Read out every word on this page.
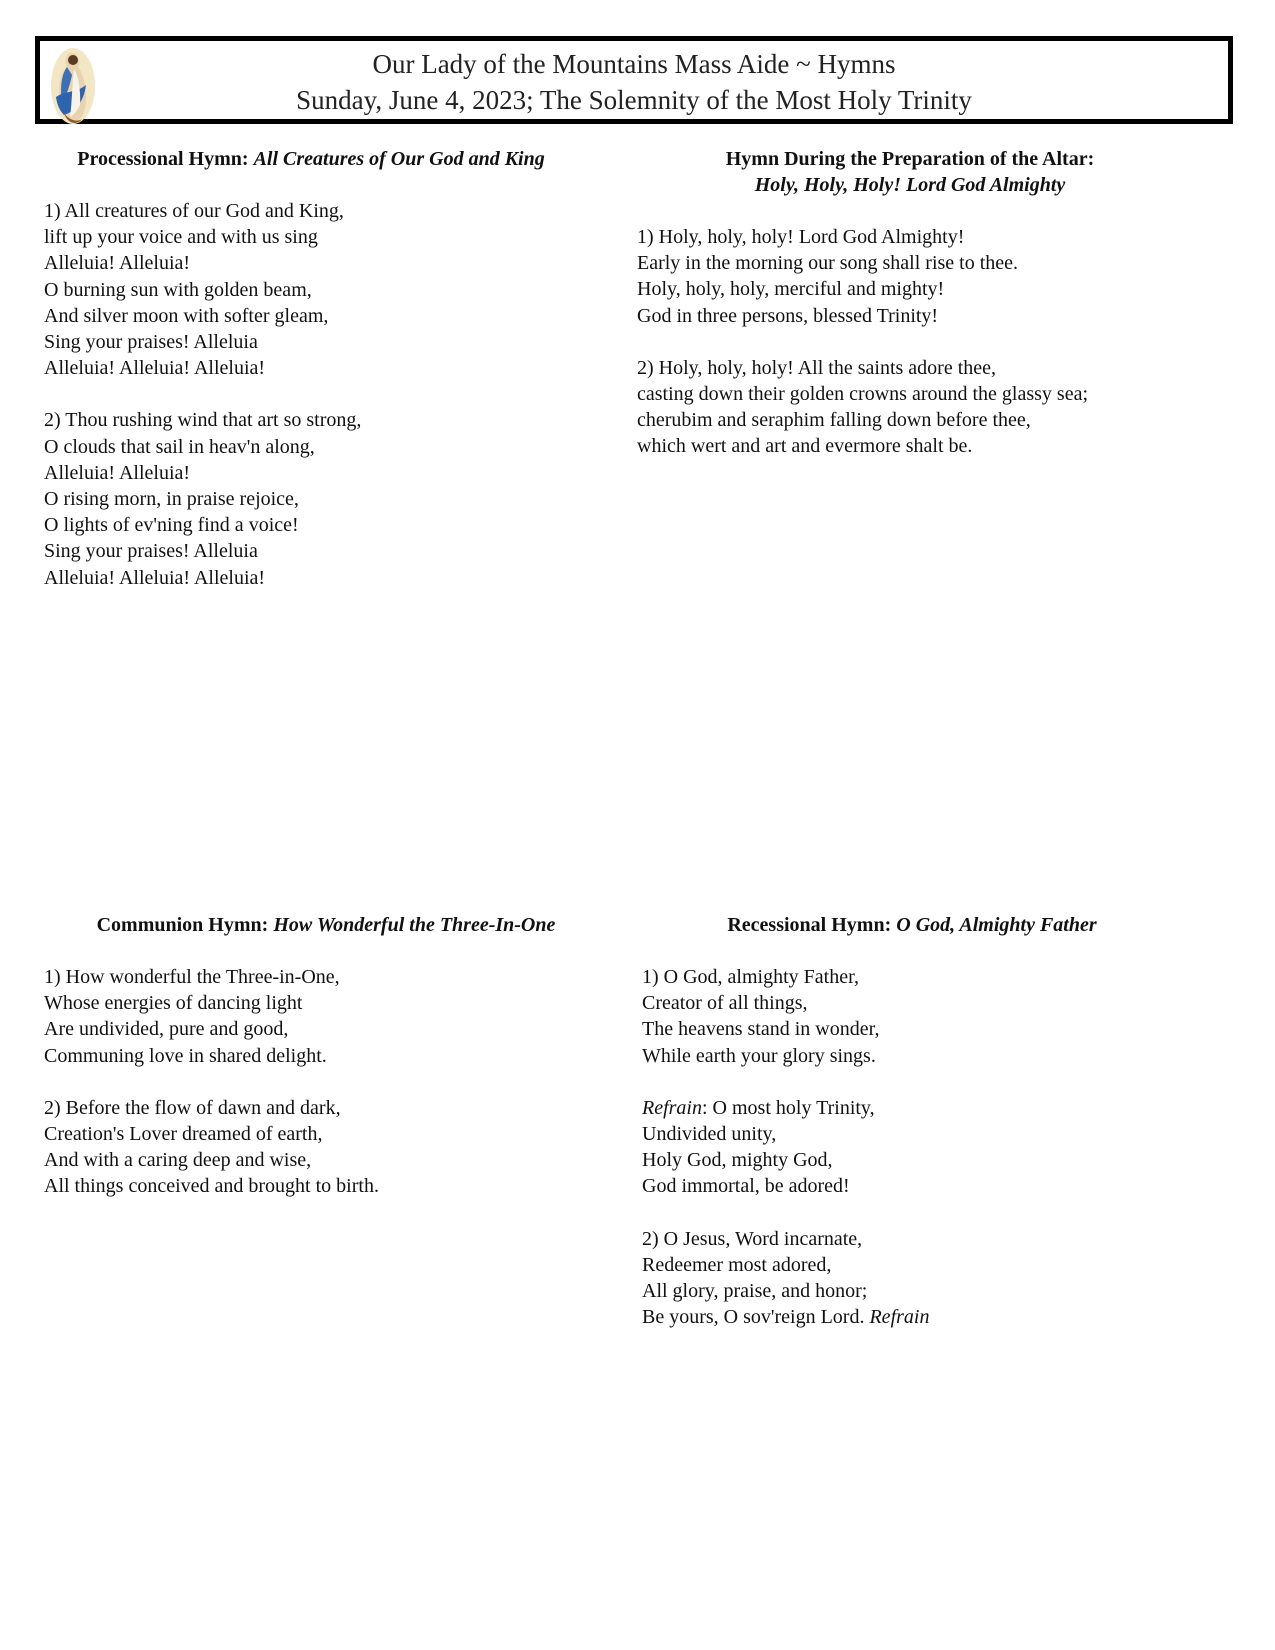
Our Lady of the Mountains Mass Aide ~ Hymns
Sunday, June 4, 2023; The Solemnity of the Most Holy Trinity
Processional Hymn: All Creatures of Our God and King
1) All creatures of our God and King,
lift up your voice and with us sing
Alleluia! Alleluia!
O burning sun with golden beam,
And silver moon with softer gleam,
Sing your praises! Alleluia
Alleluia! Alleluia! Alleluia!
2) Thou rushing wind that art so strong,
O clouds that sail in heav'n along,
Alleluia! Alleluia!
O rising morn, in praise rejoice,
O lights of ev'ning find a voice!
Sing your praises! Alleluia
Alleluia! Alleluia! Alleluia!
Hymn During the Preparation of the Altar:
Holy, Holy, Holy! Lord God Almighty
1) Holy, holy, holy! Lord God Almighty!
Early in the morning our song shall rise to thee.
Holy, holy, holy, merciful and mighty!
God in three persons, blessed Trinity!
2) Holy, holy, holy! All the saints adore thee,
casting down their golden crowns around the glassy sea;
cherubim and seraphim falling down before thee,
which wert and art and evermore shalt be.
Communion Hymn: How Wonderful the Three-In-One
1) How wonderful the Three-in-One,
Whose energies of dancing light
Are undivided, pure and good,
Communing love in shared delight.
2) Before the flow of dawn and dark,
Creation's Lover dreamed of earth,
And with a caring deep and wise,
All things conceived and brought to birth.
Recessional Hymn: O God, Almighty Father
1) O God, almighty Father,
Creator of all things,
The heavens stand in wonder,
While earth your glory sings.
Refrain: O most holy Trinity,
Undivided unity,
Holy God, mighty God,
God immortal, be adored!
2) O Jesus, Word incarnate,
Redeemer most adored,
All glory, praise, and honor;
Be yours, O sov'reign Lord. Refrain
